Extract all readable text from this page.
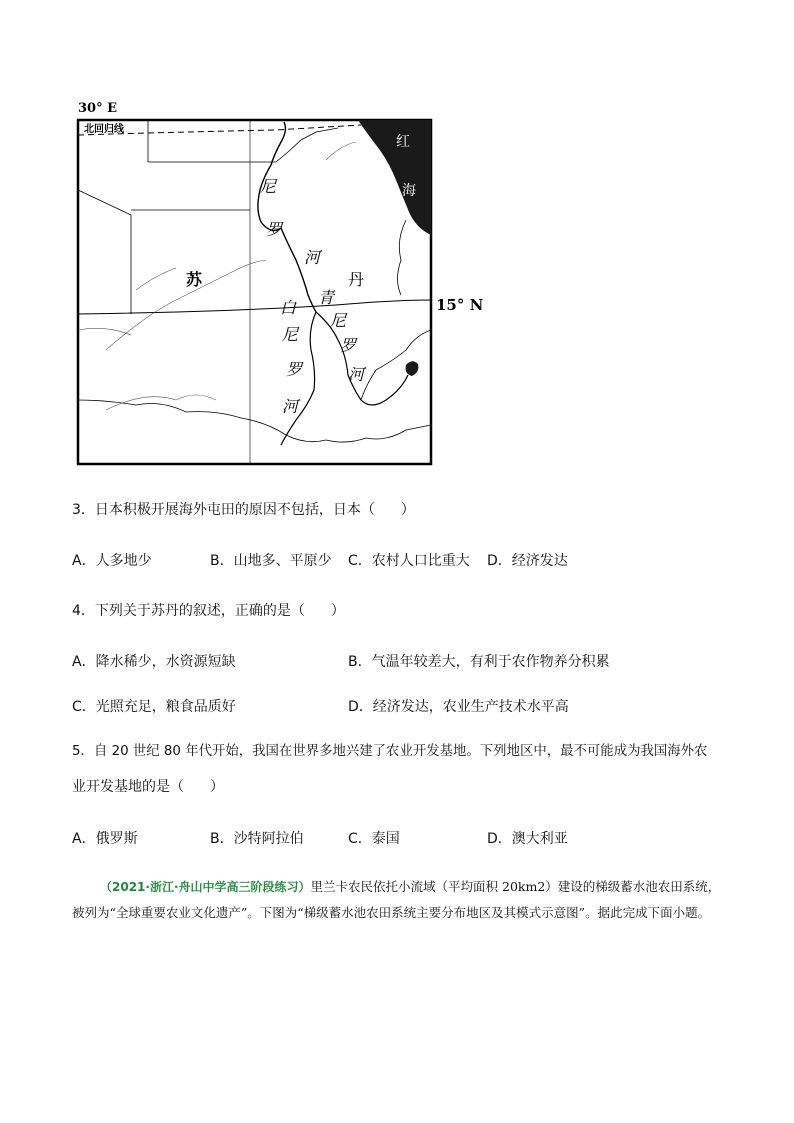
30° E
北回归线
15° N
苏	丹
红
海
尼
罗
河
青
尼
罗
河
白
尼
罗
河
3．日本积极开展海外屯田的原因不包括，日本（ ）
A．人多地少	B．山地多、平原少 C．农村人口比重大 D．经济发达
4．下列关于苏丹的叙述，正确的是（ ）
A．降水稀少，水资源短缺	B．气温年较差大，有利于农作物养分积累
C．光照充足，粮食品质好	D．经济发达，农业生产技术水平高
5．自 20 世纪 80 年代开始，我国在世界多地兴建了农业开发基地。下列地区中，最不可能成为我国海外农
业开发基地的是（ ）
A．俄罗斯	B．沙特阿拉伯	C．泰国	D．澳大利亚
（2021·浙江·舟山中学高三阶段练习）里兰卡农民依托小流域（平均面积 20km2）建设的梯级蓄水池农田系统，被列为“全球重要农业文化遗产”。下图为“梯级蓄水池农田系统主要分布地区及其模式示意图”。据此完成下面小题。
